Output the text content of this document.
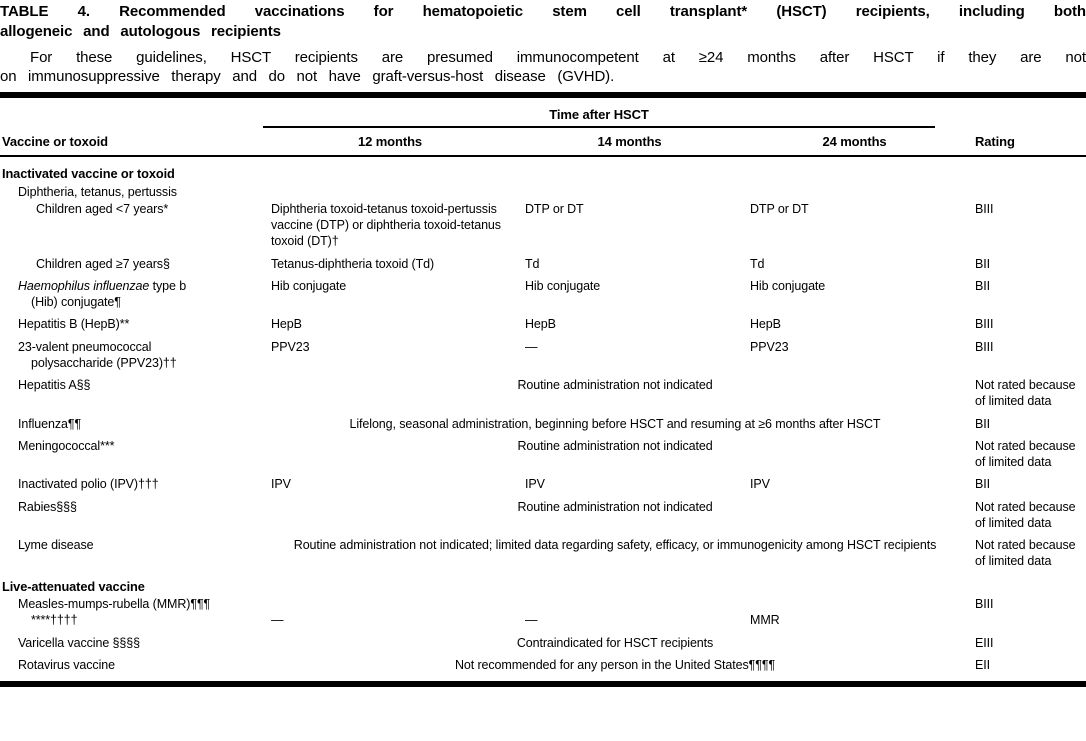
TABLE 4. Recommended vaccinations for hematopoietic stem cell transplant* (HSCT) recipients, including both
allogeneic and autologous recipients
For these guidelines, HSCT recipients are presumed immunocompetent at ≥24 months after HSCT if they are not
on immunosuppressive therapy and do not have graft-versus-host disease (GVHD).

	Time after HSCT			

Vaccine or toxoid	12 months	14 months	24 months	Rating
Inactivated vaccine or toxoid				
Diphtheria, tetanus, pertussis				
Children aged <7 years*	Diphtheria toxoid-tetanus toxoid-pertussis vaccine (DTP) or diphtheria toxoid-tetanus toxoid (DT)†	DTP or DT	DTP or DT	BIII
Children aged ≥7 years§	Tetanus-diphtheria toxoid (Td)	Td	Td	BII
Haemophilus influenzae type b (Hib) conjugate¶	Hib conjugate	Hib conjugate	Hib conjugate	BII
Hepatitis B (HepB)**	HepB	HepB	HepB	BIII
23-valent pneumococcal polysaccharide (PPV23)††	PPV23	—	PPV23	BIII
Hepatitis A§§	Routine administration not indicated			Not rated because of limited data
Influenza¶¶	Lifelong, seasonal administration, beginning before HSCT and resuming at ≥6 months after HSCT			BII
Meningococcal***	Routine administration not indicated			Not rated because of limited data
Inactivated polio (IPV)†††	IPV	IPV	IPV	BII
Rabies§§§	Routine administration not indicated			Not rated because of limited data
Lyme disease	Routine administration not indicated; limited data regarding safety, efficacy, or immunogenicity among HSCT recipients			Not rated because of limited data
Live-attenuated vaccine				
Measles-mumps-rubella (MMR)¶¶¶ ****††††	—	—	MMR	BIII
Varicella vaccine §§§§	Contraindicated for HSCT recipients			EIII
Rotavirus vaccine	Not recommended for any person in the United States¶¶¶¶			EII
